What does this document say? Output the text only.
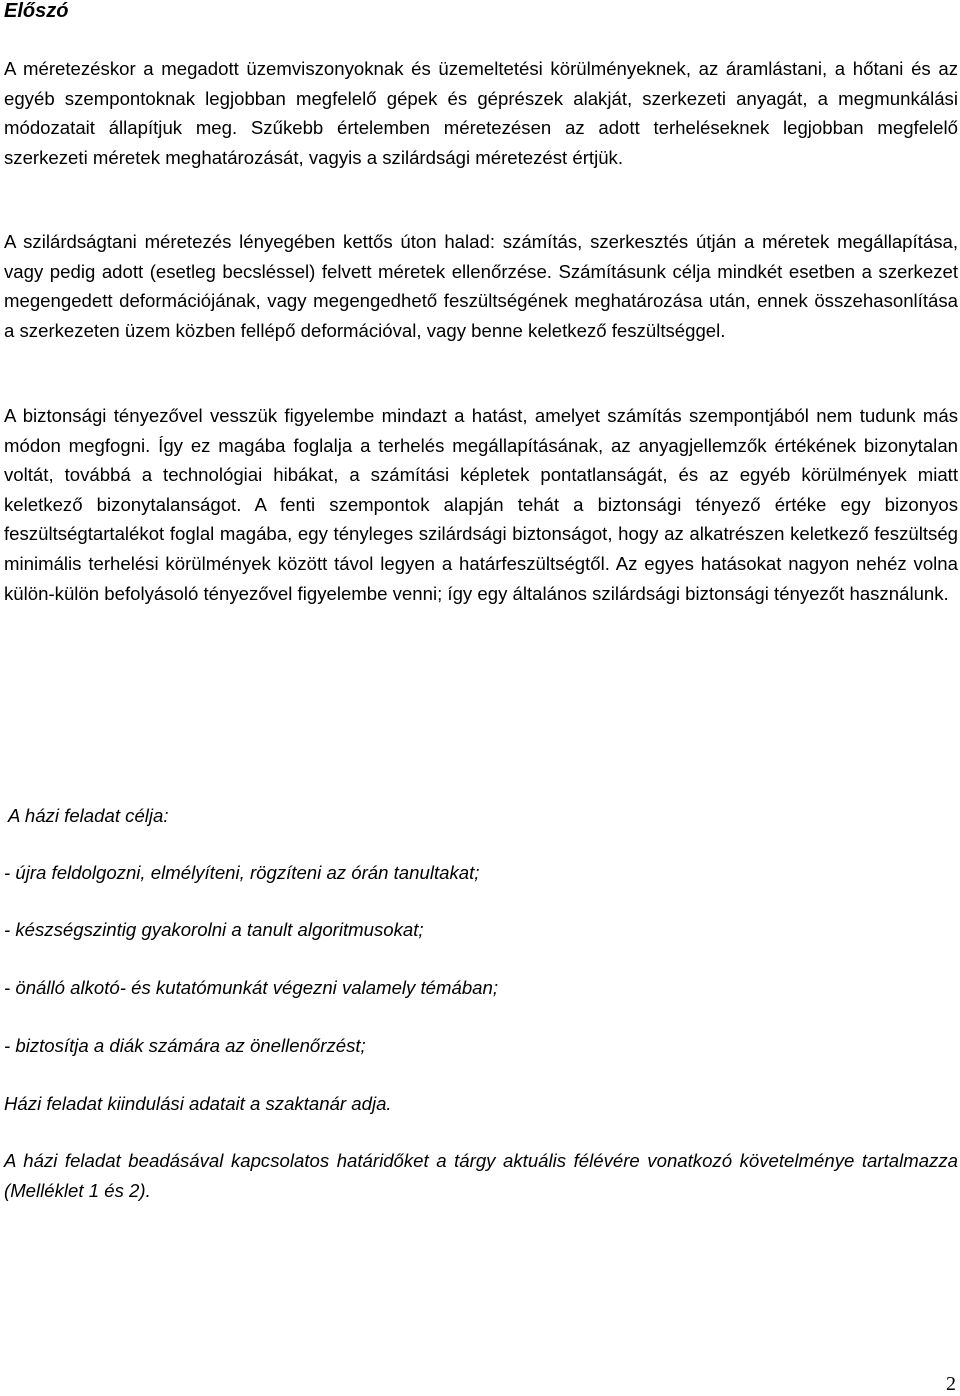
Előszó

A méretezéskor a megadott üzemviszonyoknak és üzemeltetési körülményeknek, az áramlástani, a hőtani és az egyéb szempontoknak legjobban megfelelő gépek és géprészek alakját, szerkezeti anyagát, a megmunkálási módozatait állapítjuk meg. Szűkebb értelemben méretezésen az adott terheléseknek legjobban megfelelő szerkezeti méretek meghatározását, vagyis a szilárdsági méretezést értjük.

A szilárdságtani méretezés lényegében kettős úton halad: számítás, szerkesztés útján a méretek megállapítása, vagy pedig adott (esetleg becsléssel) felvett méretek ellenőrzése. Számításunk célja mindkét esetben a szerkezet megengedett deformációjának, vagy megengedhető feszültségének meghatározása után, ennek összehasonlítása a szerkezeten üzem közben fellépő deformációval, vagy benne keletkező feszültséggel.

A biztonsági tényezővel vesszük figyelembe mindazt a hatást, amelyet számítás szempontjából nem tudunk más módon megfogni. Így ez magába foglalja a terhelés megállapításának, az anyagjellemzők értékének bizonytalan voltát, továbbá a technológiai hibákat, a számítási képletek pontatlanságát, és az egyéb körülmények miatt keletkező bizonytalanságot. A fenti szempontok alapján tehát a biztonsági tényező értéke egy bizonyos feszültségtartalékot foglal magába, egy tényleges szilárdsági biztonságot, hogy az alkatrészen keletkező feszültség minimális terhelési körülmények között távol legyen a határfeszültségtől. Az egyes hatásokat nagyon nehéz volna külön-külön befolyásoló tényezővel figyelembe venni; így egy általános szilárdsági biztonsági tényezőt használunk.

A házi feladat célja:

- újra feldolgozni, elmélyíteni, rögzíteni az órán tanultakat;

- készségszintig gyakorolni a tanult algoritmusokat;

- önálló alkotó- és kutatómunkát végezni valamely témában;

- biztosítja a diák számára az önellenőrzést;

Házi feladat kiindulási adatait a szaktanár adja.

A házi feladat beadásával kapcsolatos határidőket a tárgy aktuális félévére vonatkozó követelménye tartalmazza (Melléklet 1 és 2).

2
